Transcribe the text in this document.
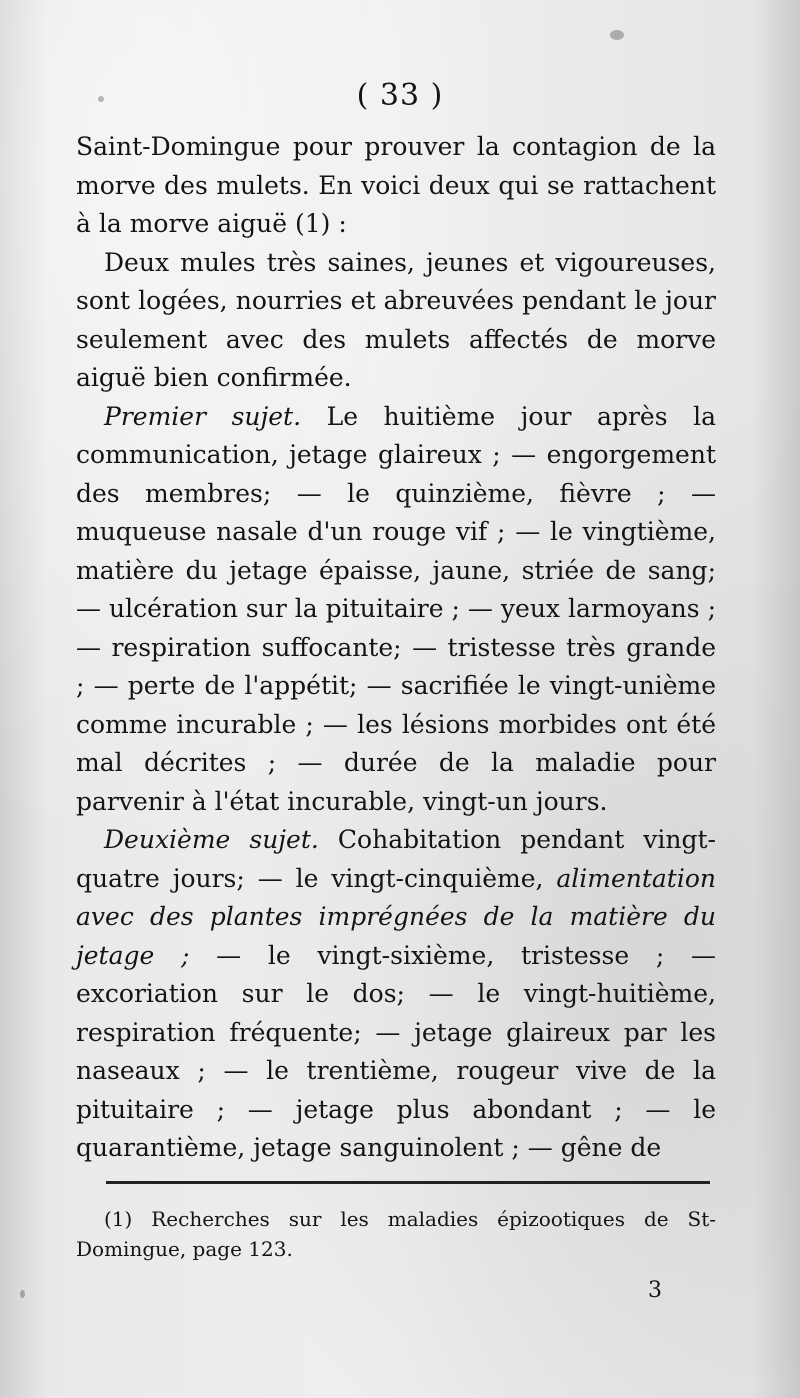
( 33 )

Saint-Domingue pour prouver la contagion de la morve des mulets. En voici deux qui se rattachent à la morve aiguë (1) :

Deux mules très saines, jeunes et vigoureuses, sont logées, nourries et abreuvées pendant le jour seulement avec des mulets affectés de morve aiguë bien confirmée.

Premier sujet. Le huitième jour après la communication, jetage glaireux ; — engorgement des membres; — le quinzième, fièvre ; — muqueuse nasale d'un rouge vif ; — le vingtième, matière du jetage épaisse, jaune, striée de sang; — ulcération sur la pituitaire ; — yeux larmoyans ; — respiration suffocante; — tristesse très grande ; — perte de l'appétit; — sacrifiée le vingt-unième comme incurable ; — les lésions morbides ont été mal décrites ; — durée de la maladie pour parvenir à l'état incurable, vingt-un jours.

Deuxième sujet. Cohabitation pendant vingt-quatre jours; — le vingt-cinquième, alimentation avec des plantes imprégnées de la matière du jetage ; — le vingt-sixième, tristesse ; — excoriation sur le dos; — le vingt-huitième, respiration fréquente; — jetage glaireux par les naseaux ; — le trentième, rougeur vive de la pituitaire ; — jetage plus abondant ; — le quarantième, jetage sanguinolent ; — gêne de

(1) Recherches sur les maladies épizootiques de St-Domingue, page 123.

3
